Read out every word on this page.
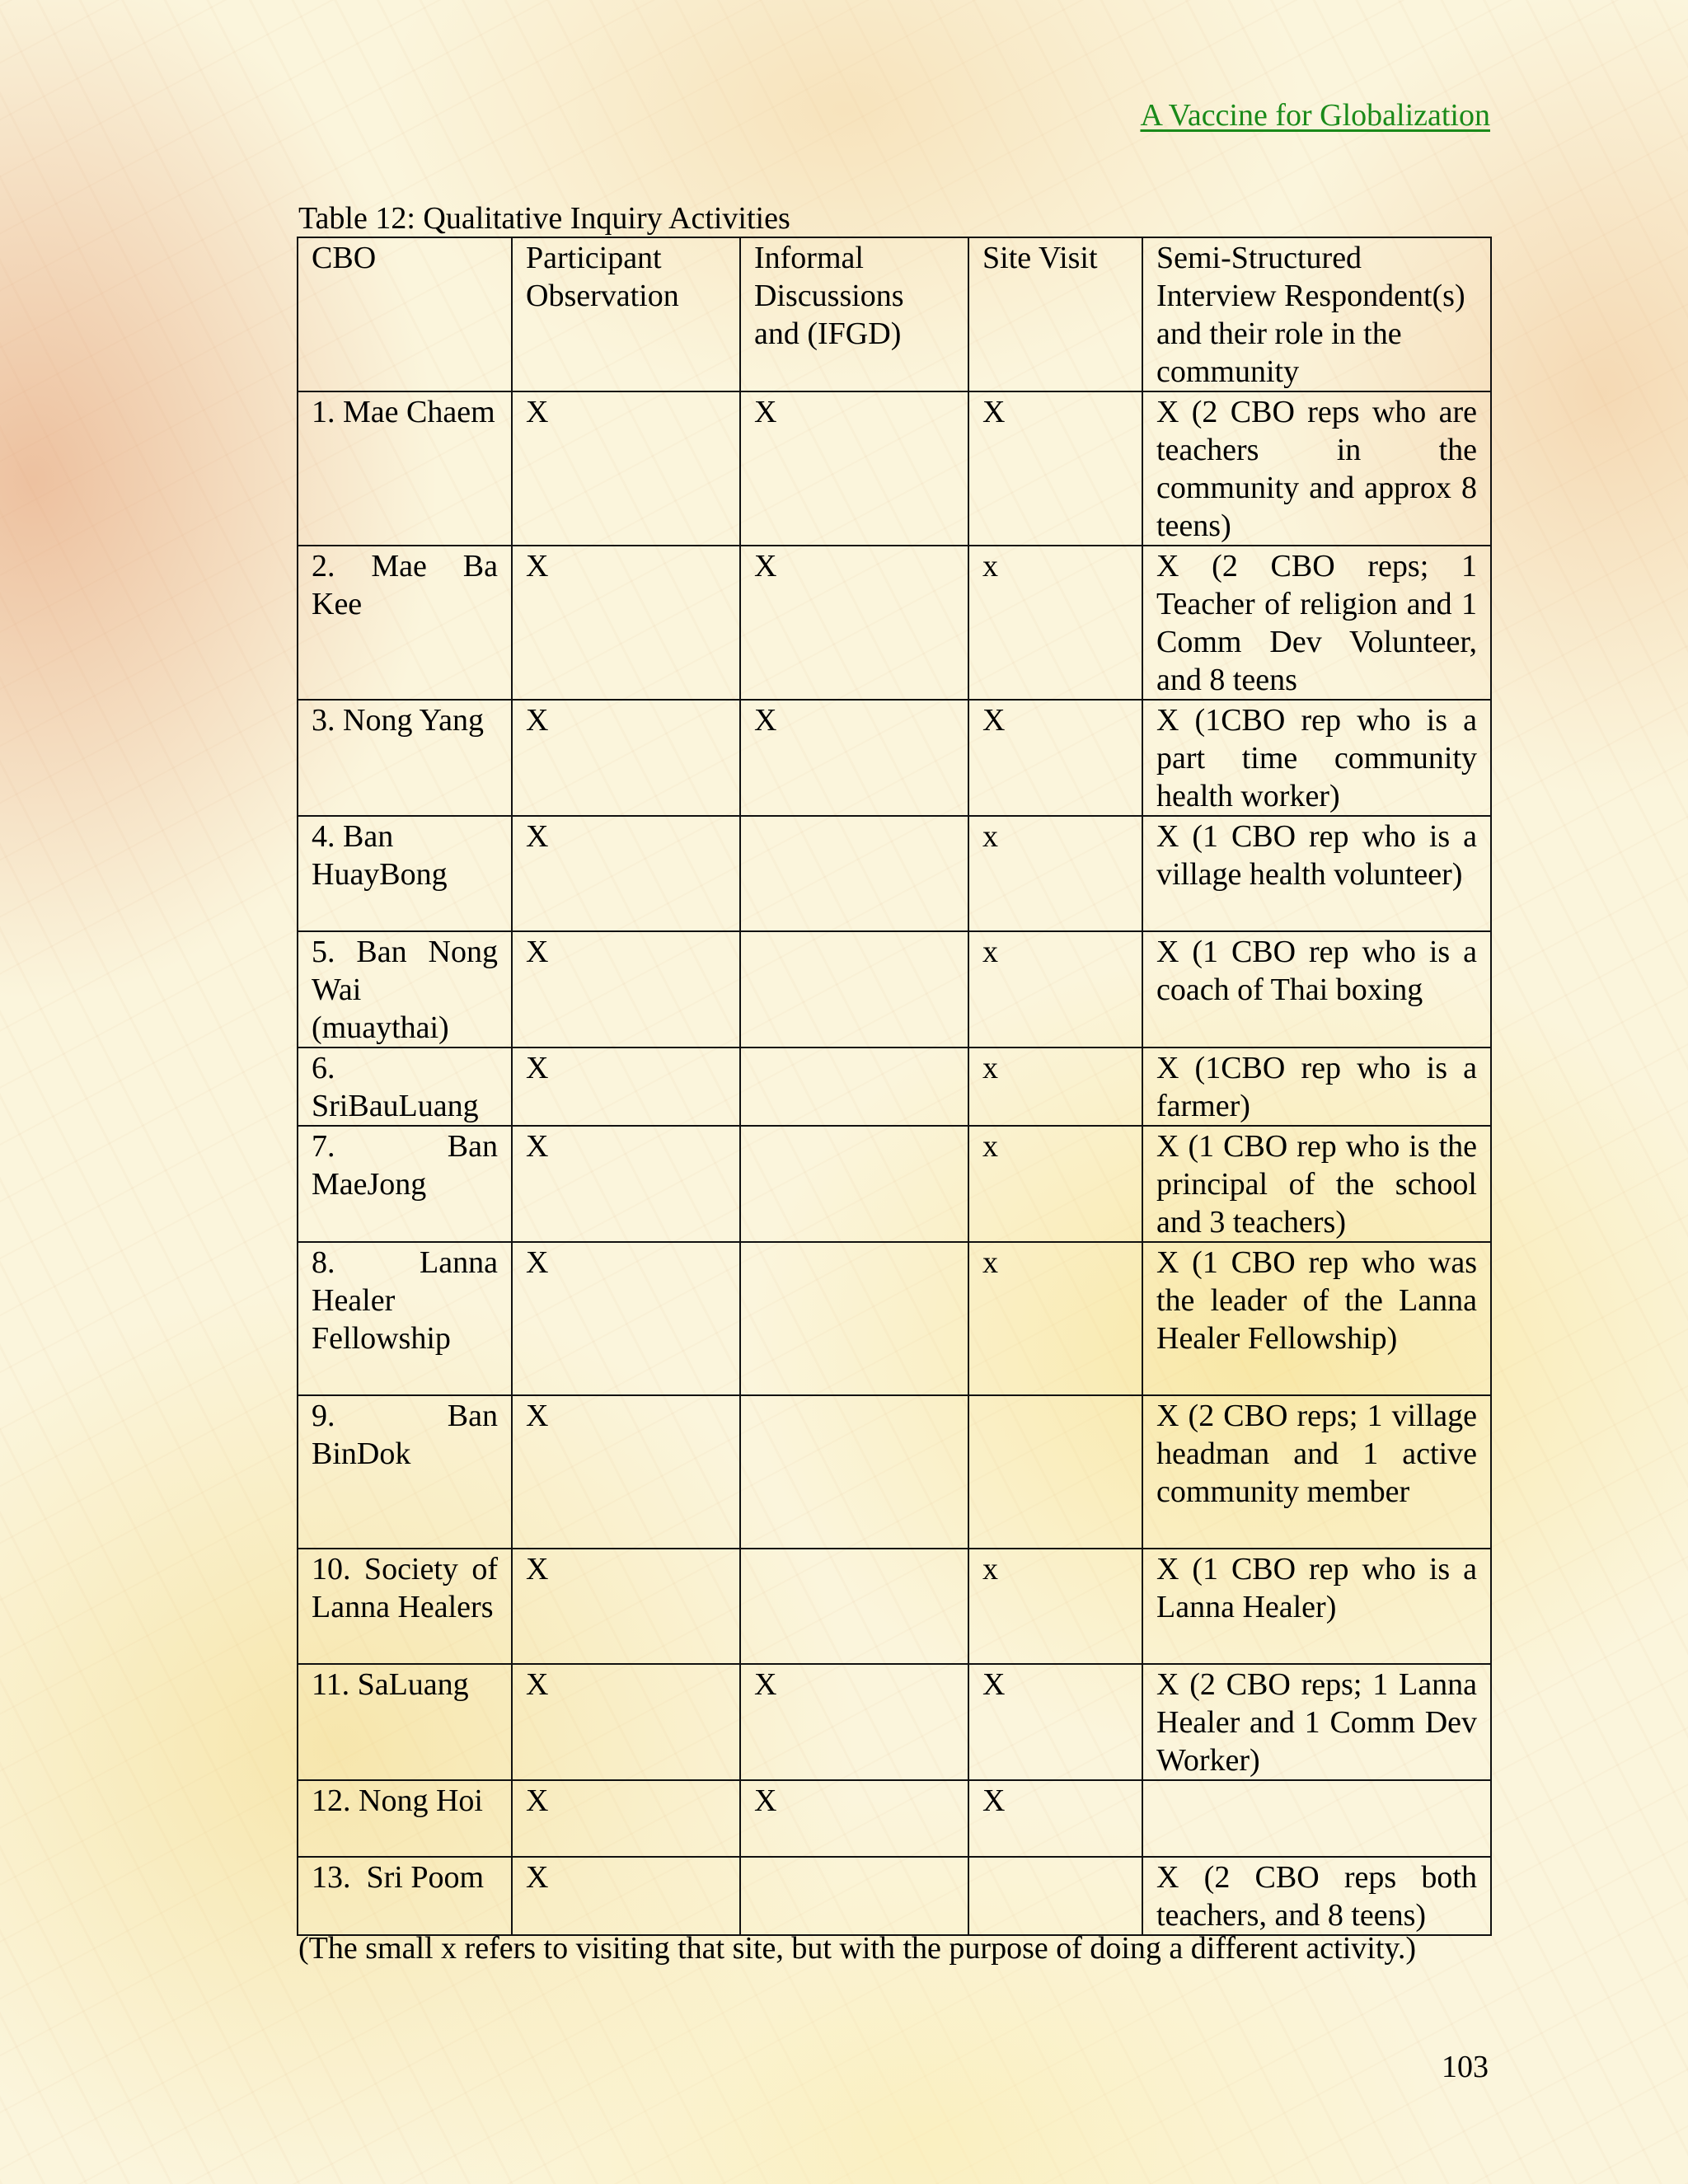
A Vaccine for Globalization
Table 12: Qualitative Inquiry Activities
CBO	Participant Observation	Informal Discussions and (IFGD)	Site Visit	Semi-Structured Interview Respondent(s) and their role in the community
1. Mae Chaem	X	X	X	X (2 CBO reps who are teachers in the community and approx 8 teens)
2. Mae Ba Kee	X	X	x	X (2 CBO reps; 1 Teacher of religion and 1 Comm Dev Volunteer, and 8 teens
3. Nong Yang	X	X	X	X (1CBO rep who is a part time community health worker)
4. Ban HuayBong	X		x	X (1 CBO rep who is a village health volunteer)
5. Ban Nong Wai (muaythai)	X		x	X (1 CBO rep who is a coach of Thai boxing
6. SriBauLuang	X		x	X (1CBO rep who is a farmer)
7. Ban MaeJong	X		x	X (1 CBO rep who is the principal of the school and 3 teachers)
8. Lanna Healer Fellowship	X		x	X (1 CBO rep who was the leader of the Lanna Healer Fellowship)
9. Ban BinDok	X			X (2 CBO reps; 1 village headman and 1 active community member
10. Society of Lanna Healers	X		x	X (1 CBO rep who is a Lanna Healer)
11. SaLuang	X	X	X	X (2 CBO reps; 1 Lanna Healer and 1 Comm Dev Worker)
12. Nong Hoi	X	X	X	
13.  Sri Poom	X			X (2 CBO reps both teachers, and 8 teens)
(The small x refers to visiting that site, but with the purpose of doing a different activity.)
103
